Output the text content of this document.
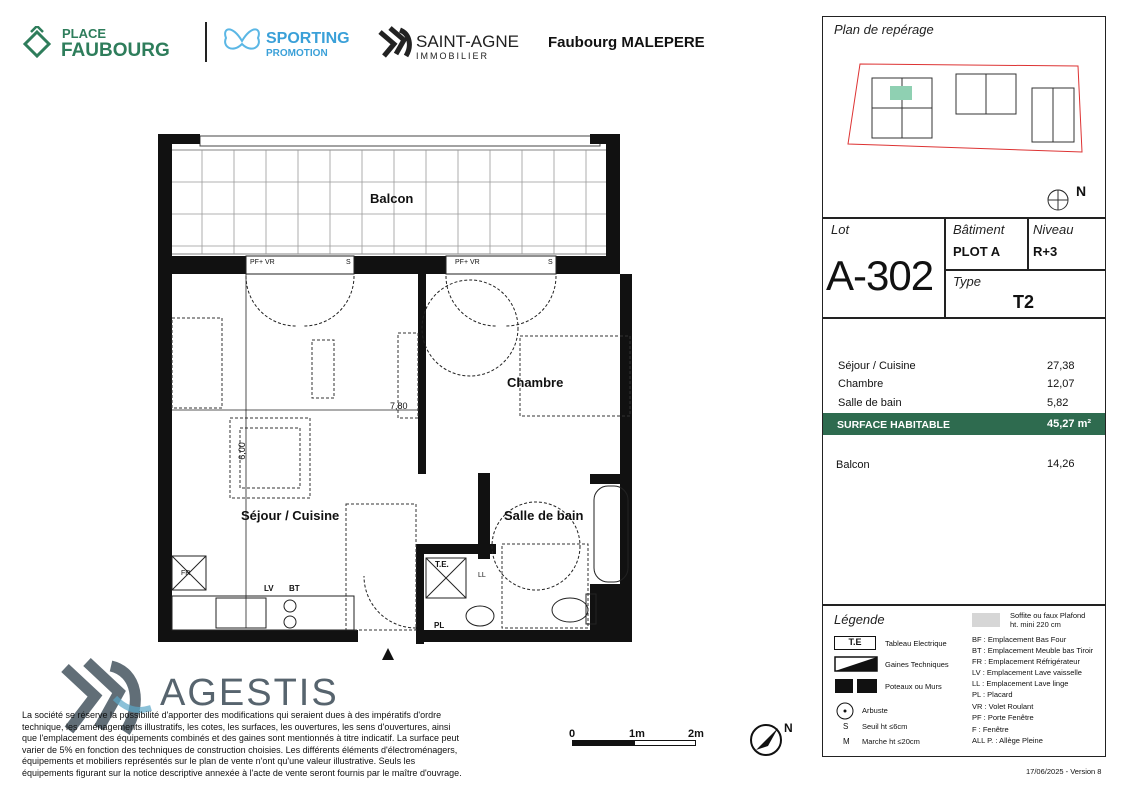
PLACE
FAUBOURG
SPORTING
PROMOTION
SAINT-AGNE
IMMOBILIER
Faubourg MALEPERE
Balcon
Séjour / Cuisine
Chambre
Salle de bain
PF+ VR	S	PF+ VR	S
7,80
6,00
T.E.
PL
LV BT
FR	LL
AGESTIS
La société se réserve la possibilité d'apporter des modifications qui seraient dues à des impératifs d'ordre technique, les aménagements illustratifs, les cotes, les surfaces, les ouvertures, les sens d'ouvertures, ainsi que l'emplacement des équipements combinés et des gaines sont mentionnés à titre indicatif. La surface peut varier de 5% en fonction des techniques de construction choisies. Les différents éléments d'électroménagers, équipements et mobiliers représentés sur le plan de vente n'ont qu'une valeur illustrative. Seuls les équipements figurant sur la notice descriptive annexée à l'acte de vente seront fournis par le maître d'ouvrage.
0	1m	2m	N
Plan de repérage
N
Lot
A-302
Bâtiment
PLOT A
Niveau
R+3
Type
T2
Séjour / Cuisine	27,38
Chambre	12,07
Salle de bain	5,82
SURFACE HABITABLE	45,27 m²
Balcon	14,26
Légende
T.E	Tableau Electrique
Gaines Techniques
Poteaux ou Murs
Arbuste
S Seuil ht ≤6cm
M Marche ht ≤20cm
Soffite ou faux Plafond
ht. mini 220 cm
BF : Emplacement Bas Four
BT : Emplacement Meuble bas Tiroir
FR : Emplacement Réfrigérateur
LV : Emplacement Lave vaisselle
LL : Emplacement Lave linge
PL : Placard
VR : Volet Roulant
PF : Porte Fenêtre
F : Fenêtre
ALL P. : Allège Pleine
17/06/2025 - Version 8
